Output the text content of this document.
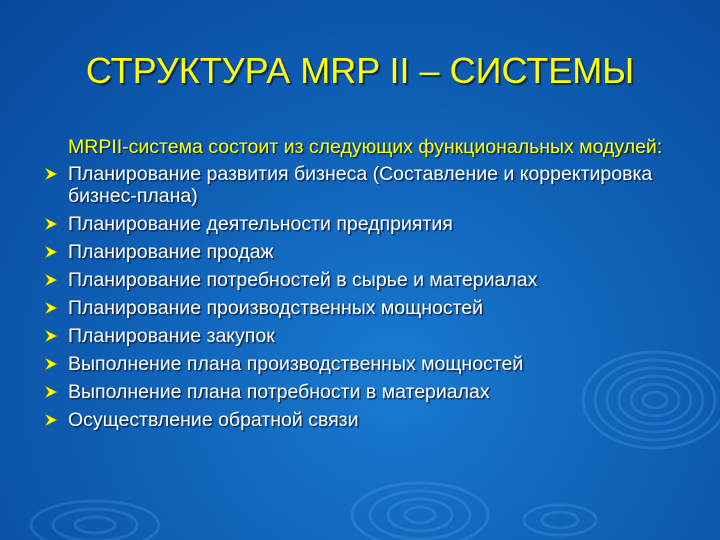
СТРУКТУРА MRP II – СИСТЕМЫ
MRPII-система состоит из следующих функциональных модулей:
Планирование развития бизнеса (Составление и корректировка бизнес-плана)
Планирование деятельности предприятия
Планирование продаж
Планирование потребностей в сырье и материалах
Планирование производственных мощностей
Планирование закупок
Выполнение плана производственных мощностей
Выполнение плана потребности в материалах
Осуществление обратной связи
